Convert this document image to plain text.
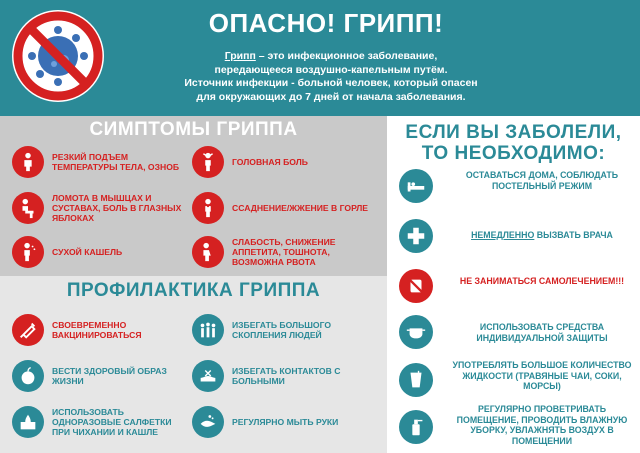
ОПАСНО! ГРИПП!
Грипп – это инфекционное заболевание,
передающееся воздушно-капельным путём.
Источник инфекции - больной человек, который опасен
для окружающих до 7 дней от начала заболевания.
СИМПТОМЫ ГРИППА
РЕЗКИЙ ПОДЪЕМ ТЕМПЕРАТУРЫ ТЕЛА, ОЗНОБ
ЛОМОТА В МЫШЦАХ И СУСТАВАХ, БОЛЬ В ГЛАЗНЫХ ЯБЛОКАХ
СУХОЙ КАШЕЛЬ
ГОЛОВНАЯ БОЛЬ
ССАДНЕНИЕ/ЖЖЕНИЕ В ГОРЛЕ
СЛАБОСТЬ, СНИЖЕНИЕ АППЕТИТА, ТОШНОТА, ВОЗМОЖНА РВОТА
ПРОФИЛАКТИКА ГРИППА
СВОЕВРЕМЕННО ВАКЦИНИРОВАТЬСЯ
ВЕСТИ ЗДОРОВЫЙ ОБРАЗ ЖИЗНИ
ИСПОЛЬЗОВАТЬ ОДНОРАЗОВЫЕ САЛФЕТКИ ПРИ ЧИХАНИИ И КАШЛЕ
ИЗБЕГАТЬ БОЛЬШОГО СКОПЛЕНИЯ ЛЮДЕЙ
ИЗБЕГАТЬ КОНТАКТОВ С БОЛЬНЫМИ
РЕГУЛЯРНО МЫТЬ РУКИ
ЕСЛИ ВЫ ЗАБОЛЕЛИ,
ТО НЕОБХОДИМО:
ОСТАВАТЬСЯ ДОМА, СОБЛЮДАТЬ ПОСТЕЛЬНЫЙ РЕЖИМ
НЕМЕДЛЕННО ВЫЗВАТЬ ВРАЧА
НЕ ЗАНИМАТЬСЯ САМОЛЕЧЕНИЕМ!!!
ИСПОЛЬЗОВАТЬ СРЕДСТВА ИНДИВИДУАЛЬНОЙ ЗАЩИТЫ
УПОТРЕБЛЯТЬ БОЛЬШОЕ КОЛИЧЕСТВО ЖИДКОСТИ (ТРАВЯНЫЕ ЧАИ, СОКИ, МОРСЫ)
РЕГУЛЯРНО ПРОВЕТРИВАТЬ ПОМЕЩЕНИЕ, ПРОВОДИТЬ ВЛАЖНУЮ УБОРКУ, УВЛАЖНЯТЬ ВОЗДУХ В ПОМЕЩЕНИИ
